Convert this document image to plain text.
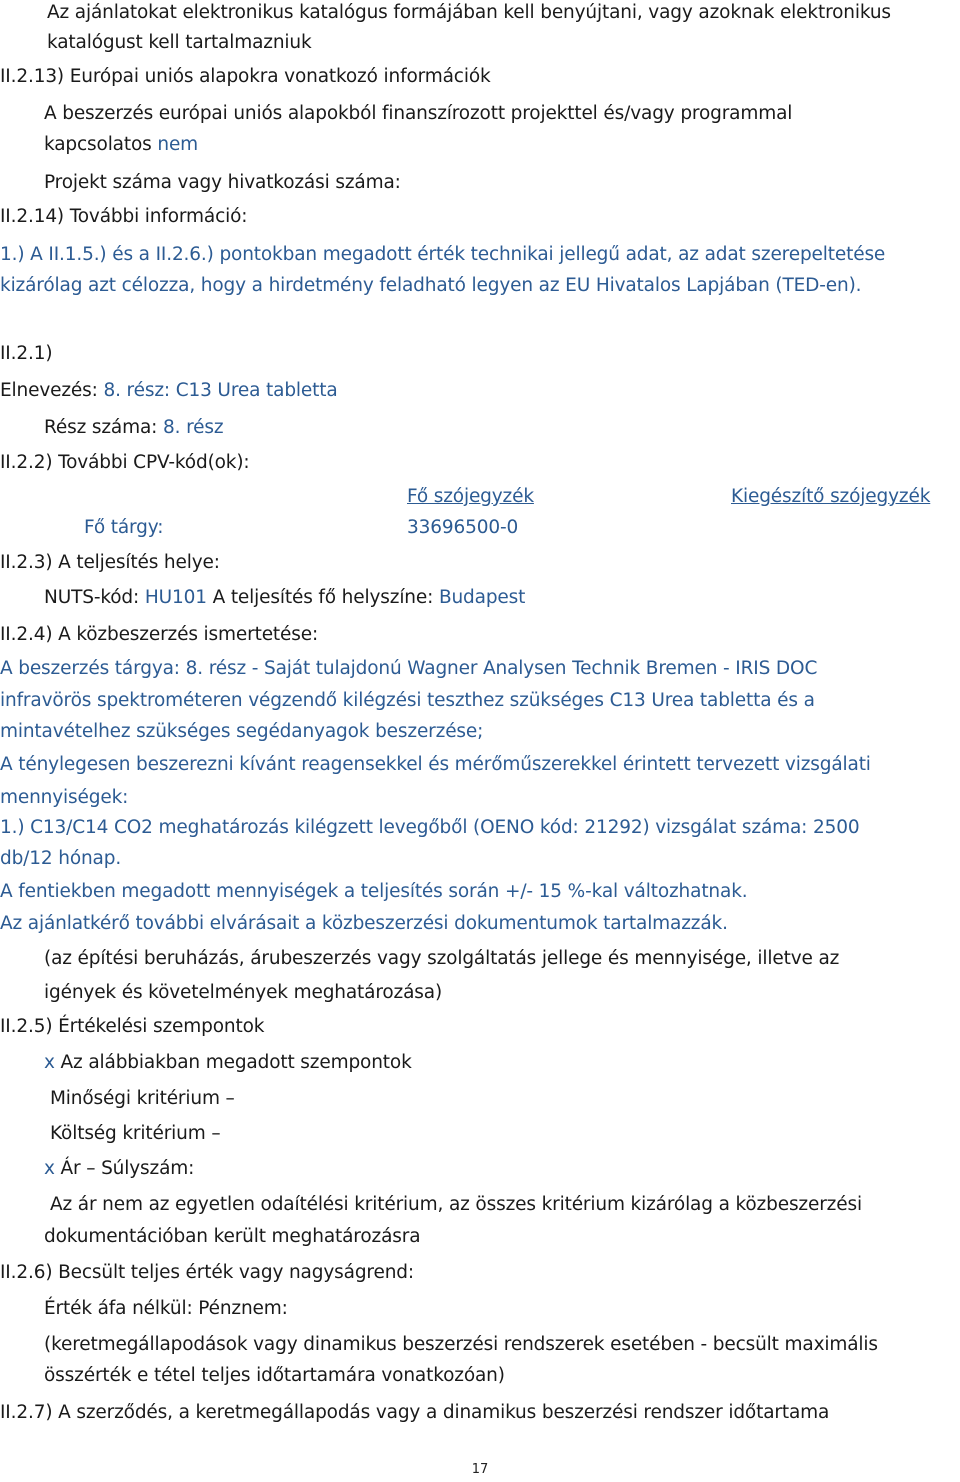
Az ajánlatokat elektronikus katalógus formájában kell benyújtani, vagy azoknak elektronikus
katalógust kell tartalmazniuk
II.2.13) Európai uniós alapokra vonatkozó információk
A beszerzés európai uniós alapokból finanszírozott projekttel és/vagy programmal
kapcsolatos nem
Projekt száma vagy hivatkozási száma:
II.2.14) További információ:
1.) A II.1.5.) és a II.2.6.) pontokban megadott érték technikai jellegű adat, az adat szerepeltetése
kizárólag azt célozza, hogy a hirdetmény feladható legyen az EU Hivatalos Lapjában (TED-en).
II.2.1)
Elnevezés: 8. rész: C13 Urea tabletta
Rész száma: 8. rész
II.2.2) További CPV-kód(ok):
Fő szójegyzék	Kiegészítő szójegyzék
Fő tárgy:	33696500-0
II.2.3) A teljesítés helye:
NUTS-kód: HU101 A teljesítés fő helyszíne: Budapest
II.2.4) A közbeszerzés ismertetése:
A beszerzés tárgya: 8. rész - Saját tulajdonú Wagner Analysen Technik Bremen - IRIS DOC
infravörös spektrométeren végzendő kilégzési teszthez szükséges C13 Urea tabletta és a
mintavételhez szükséges segédanyagok beszerzése;
A ténylegesen beszerezni kívánt reagensekkel és mérőműszerekkel érintett tervezett vizsgálati
mennyiségek:
1.) C13/C14 CO2 meghatározás kilégzett levegőből (OENO kód: 21292) vizsgálat száma: 2500
db/12 hónap.
A fentiekben megadott mennyiségek a teljesítés során +/- 15 %-kal változhatnak.
Az ajánlatkérő további elvárásait a közbeszerzési dokumentumok tartalmazzák.
(az építési beruházás, árubeszerzés vagy szolgáltatás jellege és mennyisége, illetve az
igények és követelmények meghatározása)
II.2.5) Értékelési szempontok
x Az alábbiakban megadott szempontok
Minőségi kritérium –
Költség kritérium –
x Ár – Súlyszám:
Az ár nem az egyetlen odaítélési kritérium, az összes kritérium kizárólag a közbeszerzési
dokumentációban került meghatározásra
II.2.6) Becsült teljes érték vagy nagyságrend:
Érték áfa nélkül: Pénznem:
(keretmegállapodások vagy dinamikus beszerzési rendszerek esetében - becsült maximális
összérték e tétel teljes időtartamára vonatkozóan)
II.2.7) A szerződés, a keretmegállapodás vagy a dinamikus beszerzési rendszer időtartama
17
